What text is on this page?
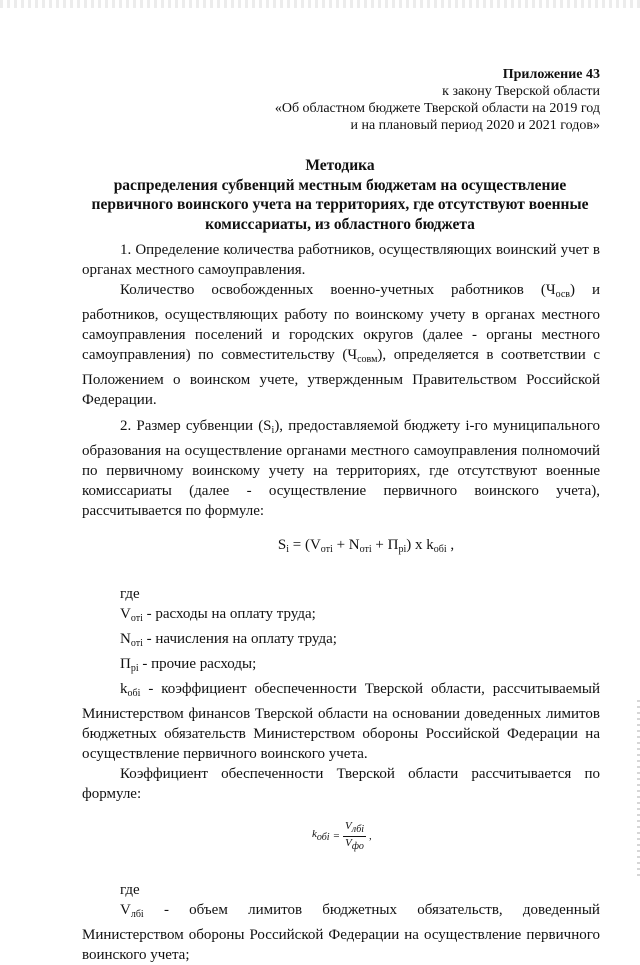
Приложение 43
к закону Тверской области
«Об областном бюджете Тверской области на 2019 год
и на плановый период 2020 и 2021 годов»
Методика
распределения субвенций местным бюджетам на осуществление
первичного воинского учета на территориях, где отсутствуют военные
комиссариаты, из областного бюджета

1. Определение количества работников, осуществляющих воинский учет в органах местного самоуправления.

Количество освобожденных военно-учетных работников $(Ч_{осв})$ и работников, осуществляющих работу по воинскому учету в органах местного самоуправления поселений и городских округов (далее - органы местного самоуправления) по совместительству $(Ч_{совм})$, определяется в соответствии с Положением о воинском учете, утвержденным Правительством Российской Федерации.

2. Размер субвенции $(S_i)$, предоставляемой бюджету i-го муниципального образования на осуществление органами местного самоуправления полномочий по первичному воинскому учету на территориях, где отсутствуют военные комиссариаты (далее - осуществление первичного воинского учета), рассчитывается по формуле:

$S_i = (V_{отi} + N_{отi} + П_{рi})$ x $k_{обi}$ ,

где

$V_{отi}$ - расходы на оплату труда;

$N_{отi}$ - начисления на оплату труда;

$П_{рi}$ - прочие расходы;

$k_{обi}$ - коэффициент обеспеченности Тверской области, рассчитываемый Министерством финансов Тверской области на основании доведенных лимитов бюджетных обязательств Министерством обороны Российской Федерации на осуществление первичного воинского учета.

Коэффициент обеспеченности Тверской области рассчитывается по формуле:

kобi = $\frac{\text{Vлбi}}{\text{Vфо}}$ ,

где

$V_{лбi}$ - объем лимитов бюджетных обязательств, доведенный

Министерством обороны Российской Федерации на осуществление первичного воинского учета;
